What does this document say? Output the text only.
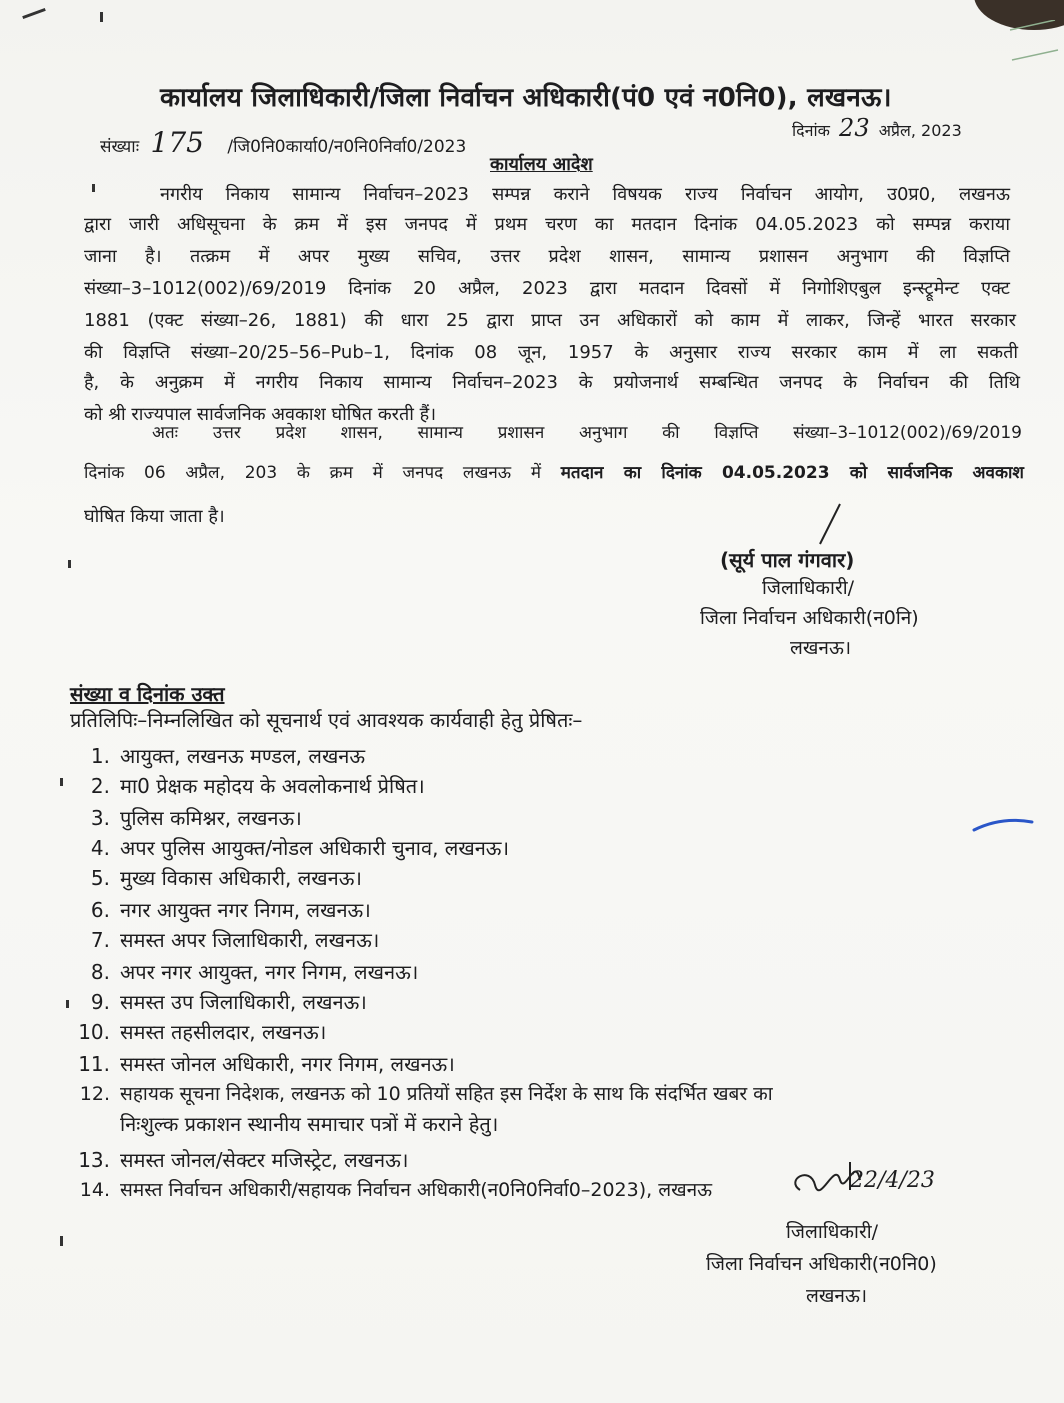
कार्यालय जिलाधिकारी/जिला निर्वाचन अधिकारी(पं0 एवं न0नि0), लखनऊ।
संख्याः 175 /जि0नि0कार्या0/न0नि0निर्वा0/2023
दिनांक 23 अप्रैल, 2023
कार्यालय आदेश
नगरीय निकाय सामान्य निर्वाचन–2023 सम्पन्न कराने विषयक राज्य निर्वाचन आयोग, उ0प्र0, लखनऊ
द्वारा जारी अधिसूचना के क्रम में इस जनपद में प्रथम चरण का मतदान दिनांक 04.05.2023 को सम्पन्न कराया
जाना है। तत्क्रम में अपर मुख्य सचिव, उत्तर प्रदेश शासन, सामान्य प्रशासन अनुभाग की विज्ञप्ति
संख्या–3–1012(002)/69/2019 दिनांक 20 अप्रैल, 2023 द्वारा मतदान दिवसों में निगोशिएबुल इन्स्ट्रूमेन्ट एक्ट
1881 (एक्ट संख्या–26, 1881) की धारा 25 द्वारा प्राप्त उन अधिकारों को काम में लाकर, जिन्हें भारत सरकार
की विज्ञप्ति संख्या–20/25–56–Pub–1, दिनांक 08 जून, 1957 के अनुसार राज्य सरकार काम में ला सकती
है, के अनुक्रम में नगरीय निकाय सामान्य निर्वाचन–2023 के प्रयोजनार्थ सम्बन्धित जनपद के निर्वाचन की तिथि
को श्री राज्यपाल सार्वजनिक अवकाश घोषित करती हैं।
अतः उत्तर प्रदेश शासन, सामान्य प्रशासन अनुभाग की विज्ञप्ति संख्या–3–1012(002)/69/2019
दिनांक 06 अप्रैल, 203 के क्रम में जनपद लखनऊ में मतदान का दिनांक 04.05.2023 को सार्वजनिक अवकाश
घोषित किया जाता है।
(सूर्य पाल गंगवार)
जिलाधिकारी/
जिला निर्वाचन अधिकारी(न0नि)
लखनऊ।
संख्या व दिनांक उक्त
प्रतिलिपिः–निम्नलिखित को सूचनार्थ एवं आवश्यक कार्यवाही हेतु प्रेषितः–
1. आयुक्त, लखनऊ मण्डल, लखनऊ
2. मा0 प्रेक्षक महोदय के अवलोकनार्थ प्रेषित।
3. पुलिस कमिश्नर, लखनऊ।
4. अपर पुलिस आयुक्त/नोडल अधिकारी चुनाव, लखनऊ।
5. मुख्य विकास अधिकारी, लखनऊ।
6. नगर आयुक्त नगर निगम, लखनऊ।
7. समस्त अपर जिलाधिकारी, लखनऊ।
8. अपर नगर आयुक्त, नगर निगम, लखनऊ।
9. समस्त उप जिलाधिकारी, लखनऊ।
10. समस्त तहसीलदार, लखनऊ।
11. समस्त जोनल अधिकारी, नगर निगम, लखनऊ।
12. सहायक सूचना निदेशक, लखनऊ को 10 प्रतियों सहित इस निर्देश के साथ कि संदर्भित खबर का
निःशुल्क प्रकाशन स्थानीय समाचार पत्रों में कराने हेतु।
13. समस्त जोनल/सेक्टर मजिस्ट्रेट, लखनऊ।
14. समस्त निर्वाचन अधिकारी/सहायक निर्वाचन अधिकारी(न0नि0निर्वा0–2023), लखनऊ	22/4/23
जिलाधिकारी/
जिला निर्वाचन अधिकारी(न0नि0)
लखनऊ।
